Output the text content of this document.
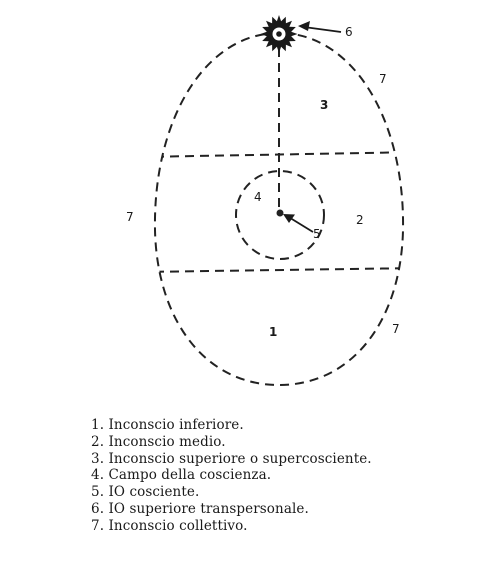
6
3
7
7
4
5
2
1	7
1. Inconscio inferiore.
2. Inconscio medio.
3. Inconscio superiore o supercosciente.
4. Campo della coscienza.
5. IO cosciente.
6. IO superiore transpersonale.
7. Inconscio collettivo.
